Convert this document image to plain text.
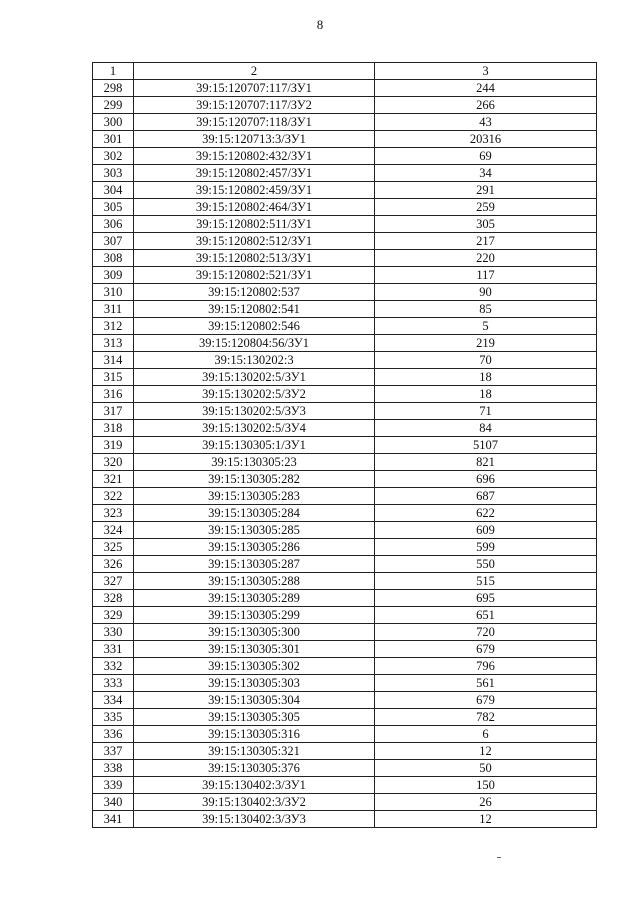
8
1	2	3
298	39:15:120707:117/ЗУ1	244
299	39:15:120707:117/ЗУ2	266
300	39:15:120707:118/ЗУ1	43
301	39:15:120713:3/ЗУ1	20316
302	39:15:120802:432/ЗУ1	69
303	39:15:120802:457/ЗУ1	34
304	39:15:120802:459/ЗУ1	291
305	39:15:120802:464/ЗУ1	259
306	39:15:120802:511/ЗУ1	305
307	39:15:120802:512/ЗУ1	217
308	39:15:120802:513/ЗУ1	220
309	39:15:120802:521/ЗУ1	117
310	39:15:120802:537	90
311	39:15:120802:541	85
312	39:15:120802:546	5
313	39:15:120804:56/ЗУ1	219
314	39:15:130202:3	70
315	39:15:130202:5/ЗУ1	18
316	39:15:130202:5/ЗУ2	18
317	39:15:130202:5/ЗУ3	71
318	39:15:130202:5/ЗУ4	84
319	39:15:130305:1/ЗУ1	5107
320	39:15:130305:23	821
321	39:15:130305:282	696
322	39:15:130305:283	687
323	39:15:130305:284	622
324	39:15:130305:285	609
325	39:15:130305:286	599
326	39:15:130305:287	550
327	39:15:130305:288	515
328	39:15:130305:289	695
329	39:15:130305:299	651
330	39:15:130305:300	720
331	39:15:130305:301	679
332	39:15:130305:302	796
333	39:15:130305:303	561
334	39:15:130305:304	679
335	39:15:130305:305	782
336	39:15:130305:316	6
337	39:15:130305:321	12
338	39:15:130305:376	50
339	39:15:130402:3/ЗУ1	150
340	39:15:130402:3/ЗУ2	26
341	39:15:130402:3/ЗУ3	12
